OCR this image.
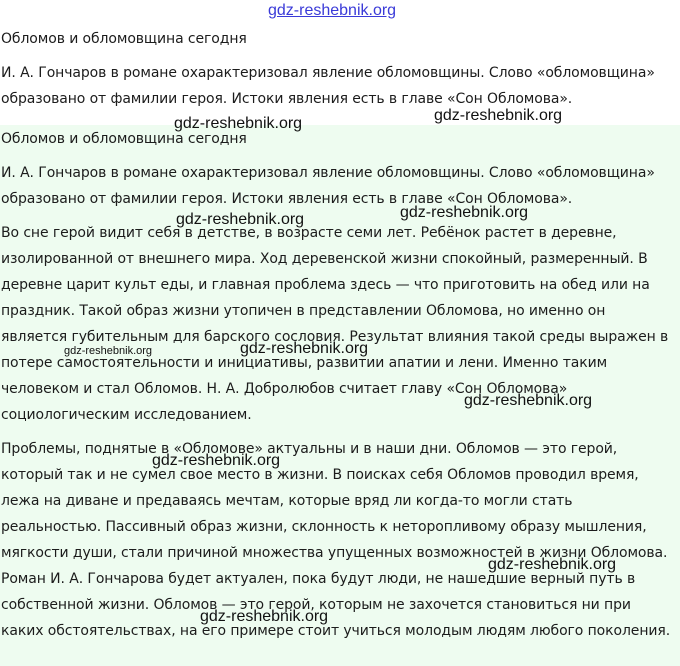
gdz-reshebnik.org
Обломов и обломовщина сегодня

И. А. Гончаров в романе охарактеризовал явление обломовщины. Слово «обломовщина» образовано от фамилии героя. Истоки явления есть в главе «Сон Обломова».

Обломов и обломовщина сегодня

И. А. Гончаров в романе охарактеризовал явление обломовщины. Слово «обломовщина» образовано от фамилии героя. Истоки явления есть в главе «Сон Обломова».

Во сне герой видит себя в детстве, в возрасте семи лет. Ребёнок растет в деревне, изолированной от внешнего мира. Ход деревенской жизни спокойный, размеренный. В деревне царит культ еды, и главная проблема здесь — что приготовить на обед или на праздник. Такой образ жизни утопичен в представлении Обломова, но именно он является губительным для барского сословия. Результат влияния такой среды выражен в потере самостоятельности и инициативы, развитии апатии и лени. Именно таким человеком и стал Обломов. Н. А. Добролюбов считает главу «Сон Обломова» социологическим исследованием.

Проблемы, поднятые в «Обломове» актуальны и в наши дни. Обломов — это герой, который так и не сумел свое место в жизни. В поисках себя Обломов проводил время, лежа на диване и предаваясь мечтам, которые вряд ли когда-то могли стать реальностью. Пассивный образ жизни, склонность к неторопливому образу мышления, мягкости души, стали причиной множества упущенных возможностей в жизни Обломова. Роман И. А. Гончарова будет актуален, пока будут люди, не нашедшие верный путь в собственной жизни. Обломов — это герой, которым не захочется становиться ни при каких обстоятельствах, на его примере стоит учиться молодым людям любого поколения.

gdz-reshebnik.org	gdz-reshebnik.org
gdz-reshebnik.org	gdz-reshebnik.org
gdz-reshebnik.org	gdz-reshebnik.org
gdz-reshebnik.org
gdz-reshebnik.org
gdz-reshebnik.org
gdz-reshebnik.org
